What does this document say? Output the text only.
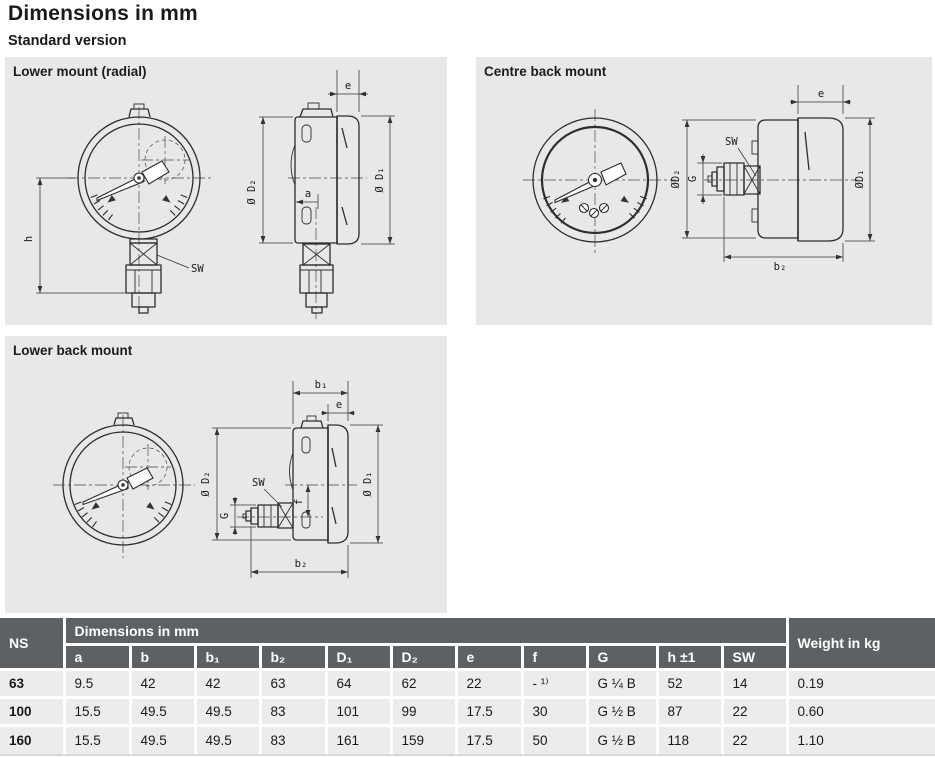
Dimensions in mm
Standard version
h
SW
e
a
Ø D₂	Ø D₁
Lower mount (radial)
SW
e
ØD₁
ØD₂ G
b₂
Centre back mount
b₁
e
Ø D₁
Ø D₂
G
SW
f
b₂
Lower back mount
NS	Dimensions in mm											Weight in kg
	a	b	b₁	b₂	D₁	D₂	e	f	G	h ±1	SW	
63	9.5	42	42	63	64	62	22	- ¹⁾	G ¼ B	52	14	0.19
100	15.5	49.5	49.5	83	101	99	17.5	30	G ½ B	87	22	0.60
160	15.5	49.5	49.5	83	161	159	17.5	50	G ½ B	118	22	1.10
